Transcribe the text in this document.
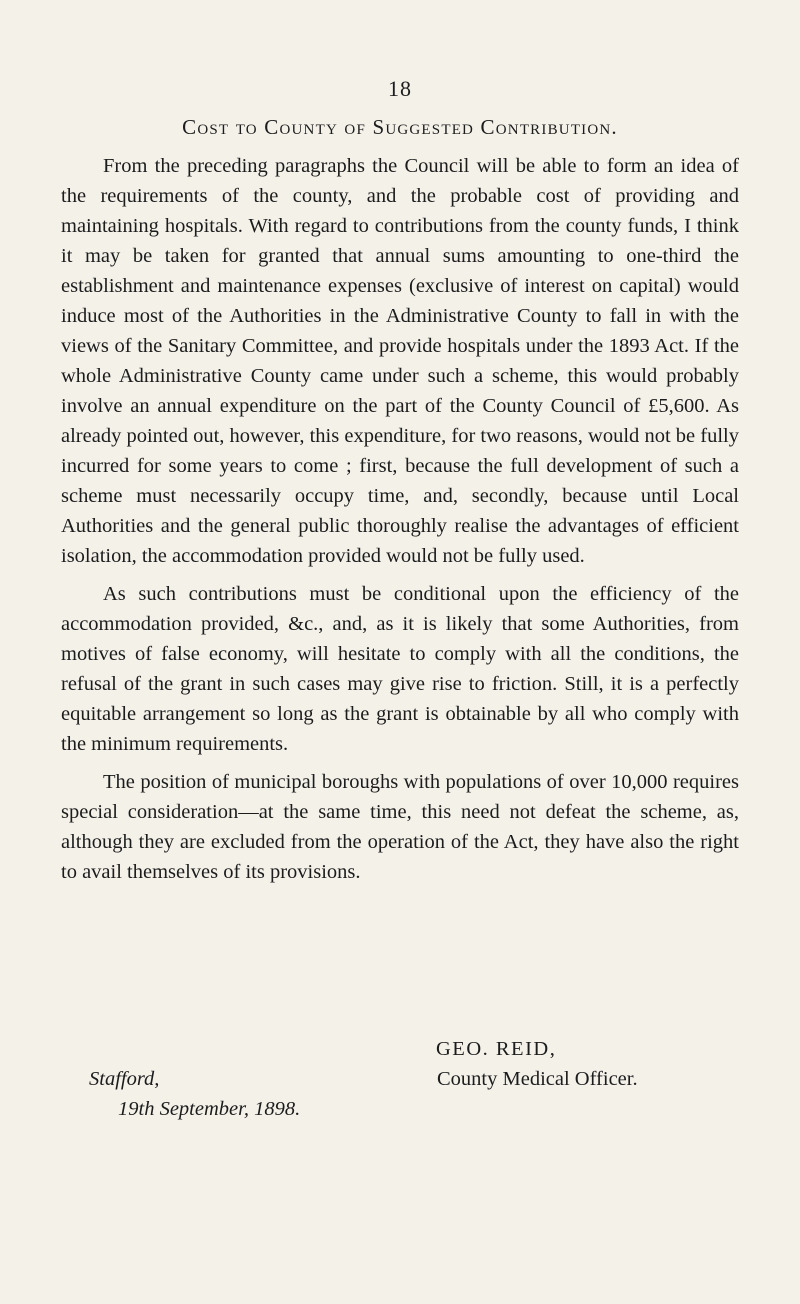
18
Cost to County of Suggested Contribution.

From the preceding paragraphs the Council will be able to form an idea of the requirements of the county, and the probable cost of providing and maintaining hospitals. With regard to contributions from the county funds, I think it may be taken for granted that annual sums amounting to one-third the establishment and maintenance expenses (exclusive of interest on capital) would induce most of the Authorities in the Administrative County to fall in with the views of the Sanitary Committee, and provide hospitals under the 1893 Act. If the whole Administrative County came under such a scheme, this would probably involve an annual expenditure on the part of the County Council of £5,600. As already pointed out, however, this expenditure, for two reasons, would not be fully incurred for some years to come ; first, because the full development of such a scheme must necessarily occupy time, and, secondly, because until Local Authorities and the general public thoroughly realise the advantages of efficient isolation, the accommodation provided would not be fully used.

As such contributions must be conditional upon the efficiency of the accommodation provided, &c., and, as it is likely that some Authorities, from motives of false economy, will hesitate to comply with all the conditions, the refusal of the grant in such cases may give rise to friction. Still, it is a perfectly equitable arrangement so long as the grant is obtainable by all who comply with the minimum requirements.

The position of municipal boroughs with populations of over 10,000 requires special consideration—at the same time, this need not defeat the scheme, as, although they are excluded from the operation of the Act, they have also the right to avail themselves of its provisions.

GEO. REID,
County Medical Officer.
Stafford,
19th September, 1898.
